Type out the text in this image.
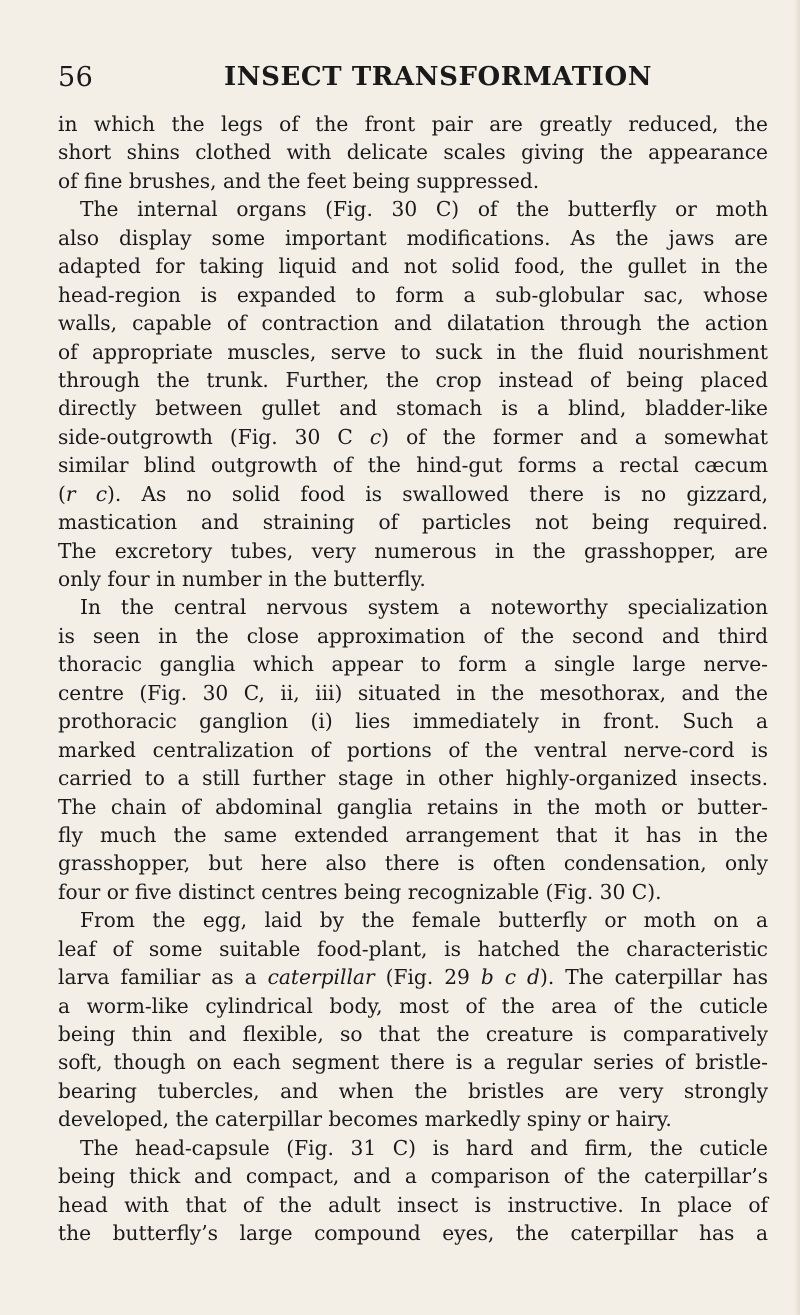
56	INSECT TRANSFORMATION
in which the legs of the front pair are greatly reduced, the
short shins clothed with delicate scales giving the appearance
of fine brushes, and the feet being suppressed.
The internal organs (Fig. 30 C) of the butterfly or moth
also display some important modifications. As the jaws are
adapted for taking liquid and not solid food, the gullet in the
head-region is expanded to form a sub-globular sac, whose
walls, capable of contraction and dilatation through the action
of appropriate muscles, serve to suck in the fluid nourishment
through the trunk. Further, the crop instead of being placed
directly between gullet and stomach is a blind, bladder-like
side-outgrowth (Fig. 30 C c) of the former and a somewhat
similar blind outgrowth of the hind-gut forms a rectal cæcum
(r c). As no solid food is swallowed there is no gizzard,
mastication and straining of particles not being required.
The excretory tubes, very numerous in the grasshopper, are
only four in number in the butterfly.
In the central nervous system a noteworthy specialization
is seen in the close approximation of the second and third
thoracic ganglia which appear to form a single large nerve-
centre (Fig. 30 C, ii, iii) situated in the mesothorax, and the
prothoracic ganglion (i) lies immediately in front. Such a
marked centralization of portions of the ventral nerve-cord is
carried to a still further stage in other highly-organized insects.
The chain of abdominal ganglia retains in the moth or butter-
fly much the same extended arrangement that it has in the
grasshopper, but here also there is often condensation, only
four or five distinct centres being recognizable (Fig. 30 C).
From the egg, laid by the female butterfly or moth on a
leaf of some suitable food-plant, is hatched the characteristic
larva familiar as a caterpillar (Fig. 29 b c d). The caterpillar has
a worm-like cylindrical body, most of the area of the cuticle
being thin and flexible, so that the creature is comparatively
soft, though on each segment there is a regular series of bristle-
bearing tubercles, and when the bristles are very strongly
developed, the caterpillar becomes markedly spiny or hairy.
The head-capsule (Fig. 31 C) is hard and firm, the cuticle
being thick and compact, and a comparison of the caterpillar’s
head with that of the adult insect is instructive. In place of
the butterfly’s large compound eyes, the caterpillar has a
